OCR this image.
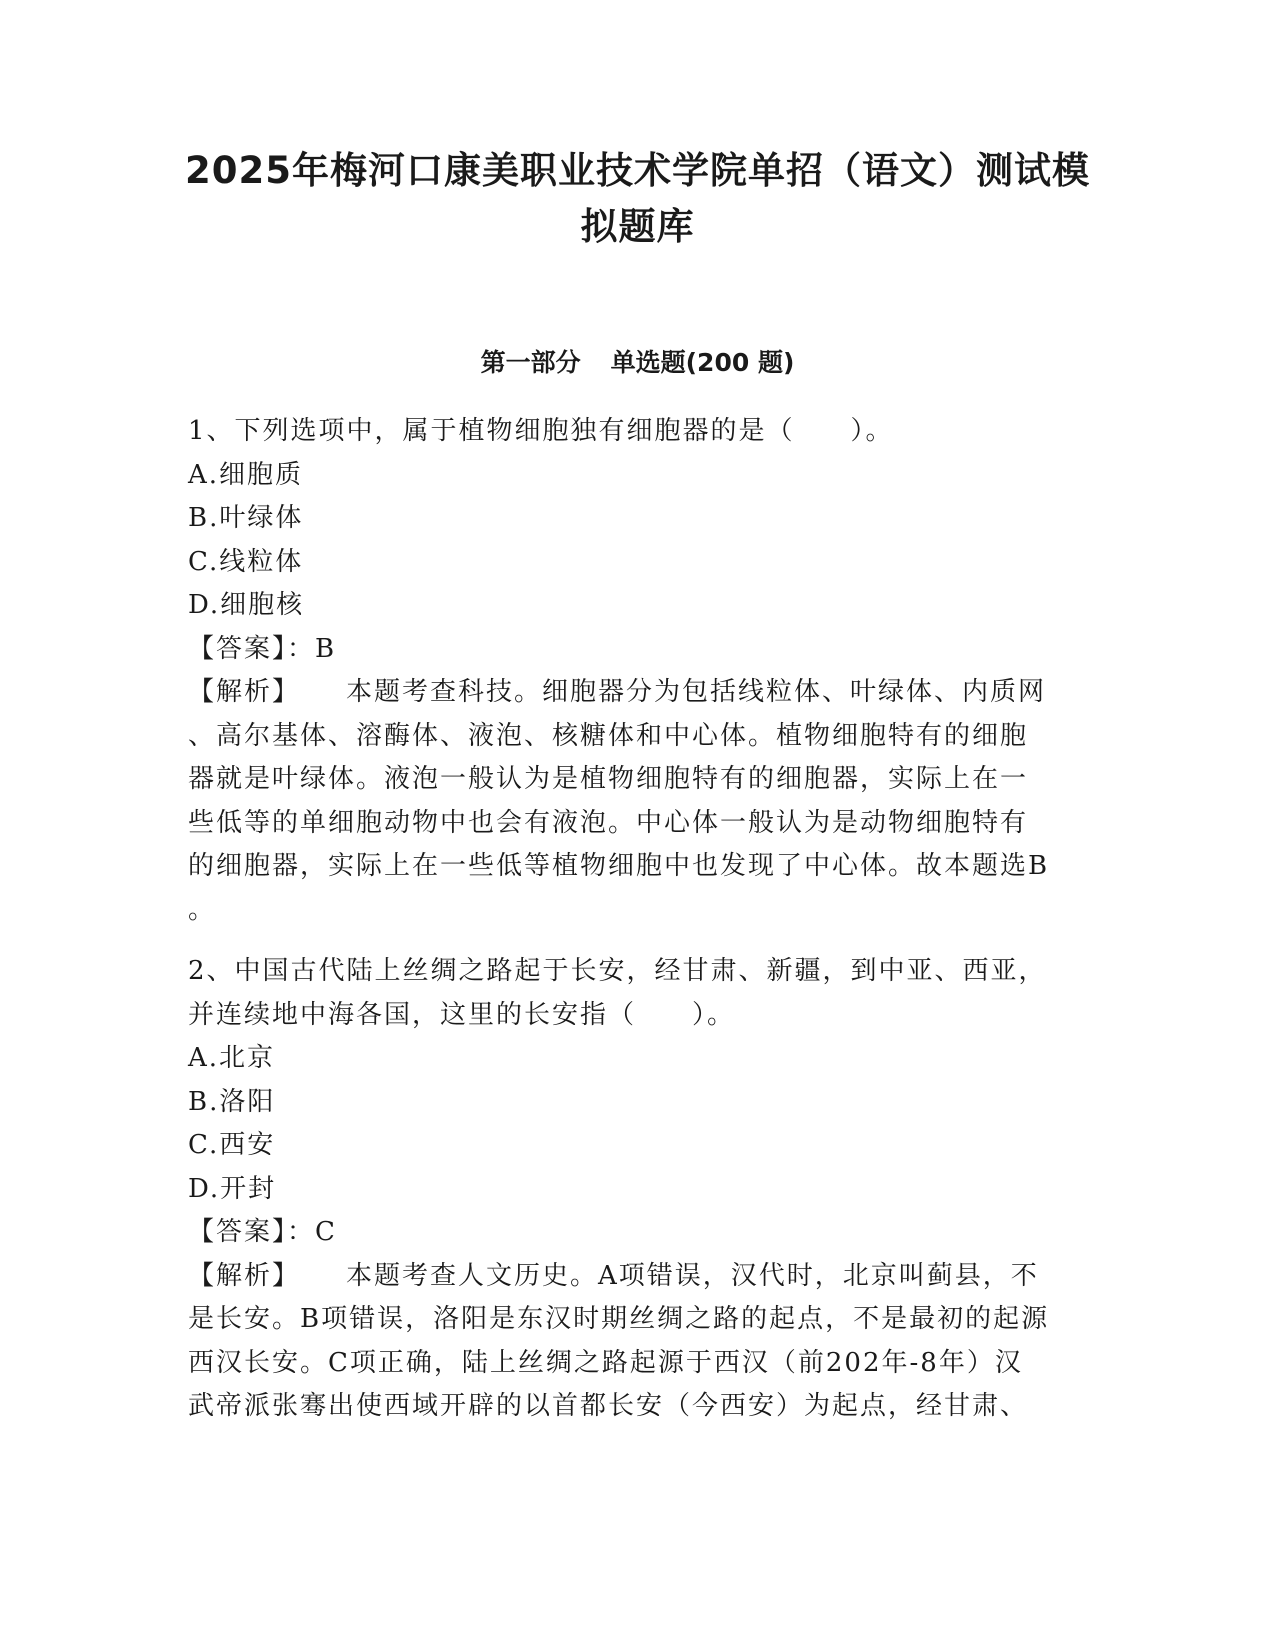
2025年梅河口康美职业技术学院单招（语文）测试模
拟题库
第一部分 单选题(200 题)

1、下列选项中，属于植物细胞独有细胞器的是（　　）。

A.细胞质

B.叶绿体

C.线粒体

D.细胞核

【答案】：B

【解析】 本题考查科技。细胞器分为包括线粒体、叶绿体、内质网

、高尔基体、溶酶体、液泡、核糖体和中心体。植物细胞特有的细胞

器就是叶绿体。液泡一般认为是植物细胞特有的细胞器，实际上在一

些低等的单细胞动物中也会有液泡。中心体一般认为是动物细胞特有

的细胞器，实际上在一些低等植物细胞中也发现了中心体。故本题选B

。

2、中国古代陆上丝绸之路起于长安，经甘肃、新疆，到中亚、西亚，

并连续地中海各国，这里的长安指（　　）。

A.北京

B.洛阳

C.西安

D.开封

【答案】：C

【解析】 本题考查人文历史。A项错误，汉代时，北京叫蓟县，不

是长安。B项错误，洛阳是东汉时期丝绸之路的起点，不是最初的起源

西汉长安。C项正确，陆上丝绸之路起源于西汉（前202年-8年）汉

武帝派张骞出使西域开辟的以首都长安（今西安）为起点，经甘肃、
